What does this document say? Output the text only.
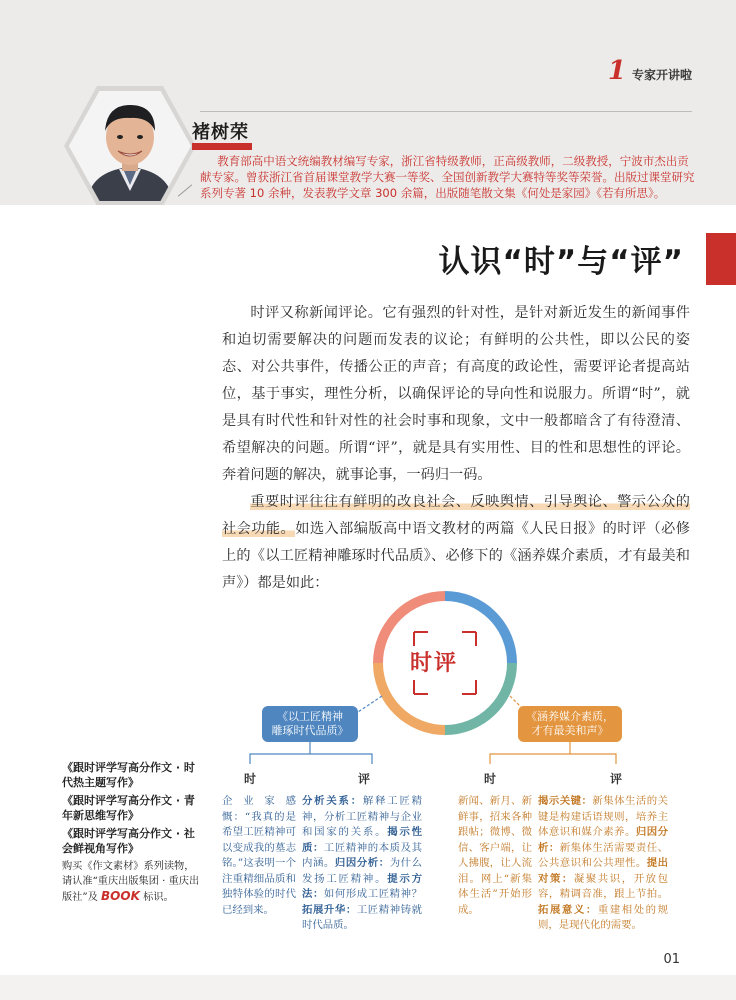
1 专家开讲啦
褚树荣
教育部高中语文统编教材编写专家，浙江省特级教师，正高级教师，二级教授，宁波市杰出贡献专家。曾获浙江省首届课堂教学大赛一等奖、全国创新教学大赛特等奖等荣誉。出版过课堂研究系列专著 10 余种，发表教学文章 300 余篇，出版随笔散文集《何处是家园》《若有所思》。
认识“时”与“评”

时评又称新闻评论。它有强烈的针对性，是针对新近发生的新闻事件和迫切需要解决的问题而发表的议论；有鲜明的公共性，即以公民的姿态、对公共事件，传播公正的声音；有高度的政论性，需要评论者提高站位，基于事实，理性分析，以确保评论的导向性和说服力。所谓“时”，就是具有时代性和针对性的社会时事和现象，文中一般都暗含了有待澄清、希望解决的问题。所谓“评”，就是具有实用性、目的性和思想性的评论。奔着问题的解决，就事论事，一码归一码。

重要时评往往有鲜明的改良社会、反映舆情、引导舆论、警示公众的社会功能。如选入部编版高中语文教材的两篇《人民日报》的时评（必修上的《以工匠精神雕琢时代品质》、必修下的《涵养媒介素质，才有最美和声》）都是如此：

时评
《以工匠精神
雕琢时代品质》
《涵养媒介素质，
才有最美和声》
时	评	时	评
企业家感慨：“我真的是希望工匠精神可以变成我的墓志铭。”这表明一个注重精细品质和独特体验的时代已经到来。
分析关系：解释工匠精神，分析工匠精神与企业和国家的关系。揭示性质：工匠精神的本质及其内涵。归因分析：为什么发扬工匠精神。提示方法：如何形成工匠精神？拓展升华：工匠精神铸就时代品质。
新闻、新月、新鲜事，招来各种跟帖；微博、微信、客户端，让人拂腹，让人流泪。网上“新集体生活”开始形成。
揭示关键：新集体生活的关键是构建话语规则，培养主体意识和媒介素养。归因分析：新集体生活需要责任、公共意识和公共理性。提出对策：凝聚共识，开放包容，精调音准，跟上节拍。拓展意义：重建相处的规则，是现代化的需要。
《跟时评学写高分作文 · 时代热主题写作》
《跟时评学写高分作文 · 青年新思维写作》
《跟时评学写高分作文 · 社会鲜视角写作》
购买《作文素材》系列读物，请认准“重庆出版集团 · 重庆出版社”及 BOOK 标识。
01
